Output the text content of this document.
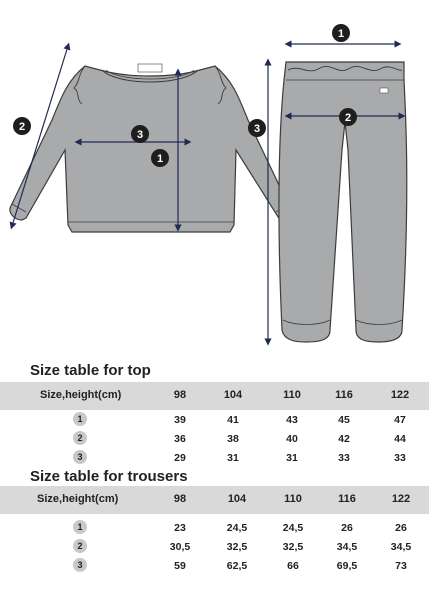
2
3
1
1
2
3
Size table for top
Size,height(cm)	98	104	110	116	122
1	39	41	43	45	47
2	36	38	40	42	44
3	29	31	31	33	33
Size table for trousers
Size,height(cm)	98	104	110	116	122
1	23	24,5	24,5	26	26
2	30,5	32,5	32,5	34,5	34,5
3	59	62,5	66	69,5	73
